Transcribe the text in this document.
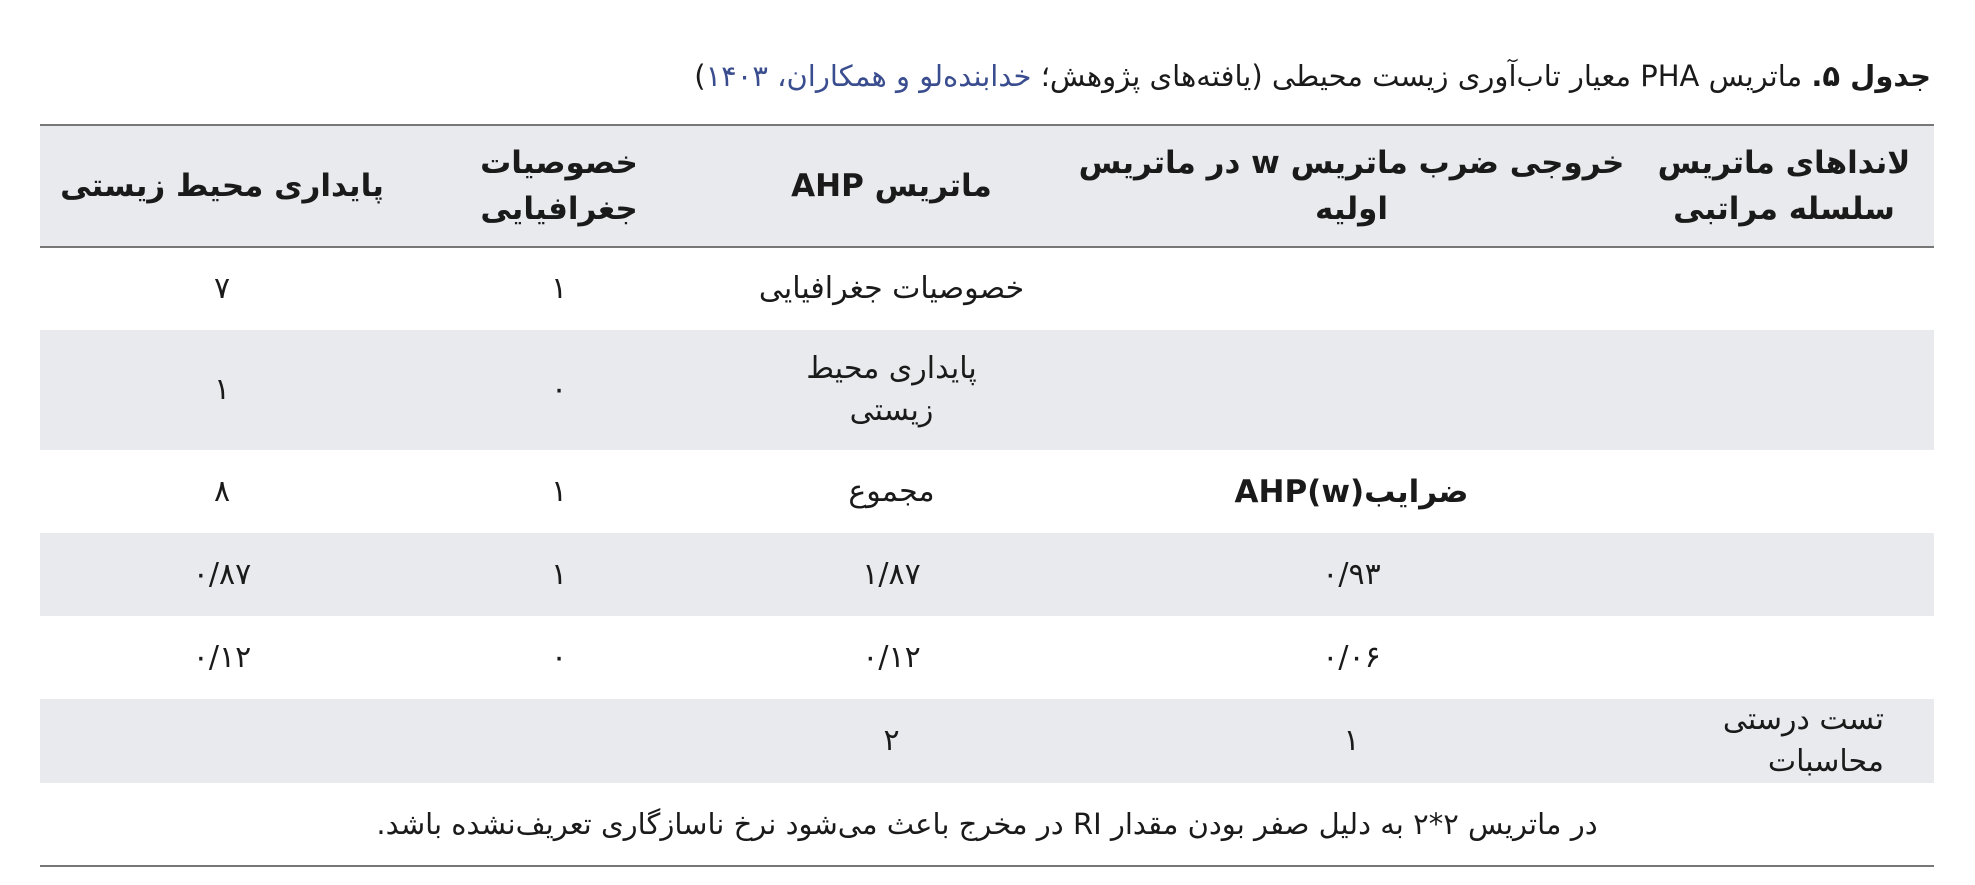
جدول ۵. ماتریس PHA معیار تاب‌آوری زیست محیطی (یافته‌های پژوهش؛ خدابنده‌لو و همکاران، ۱۴۰۳)
لانداهای ماتریس سلسله مراتبی	خروجی ضرب ماتریس w در ماتریس اولیه	ماتریس AHP	خصوصیات جغرافیایی	پایداری محیط زیستی
		خصوصیات جغرافیایی	۱	۷

		پایداری محیط زیستی	۰	۱
	ضرایب(w)AHP	مجموع	۱	۸
	۰/۹۳	۱/۸۷	۱	۰/۸۷
	۰/۰۶	۰/۱۲	۰	۰/۱۲
تست درستی محاسبات	۱	۲		
در ماتریس ۲*۲ به دلیل صفر بودن مقدار RI در مخرج باعث می‌شود نرخ ناسازگاری تعریف‌نشده باشد.				
